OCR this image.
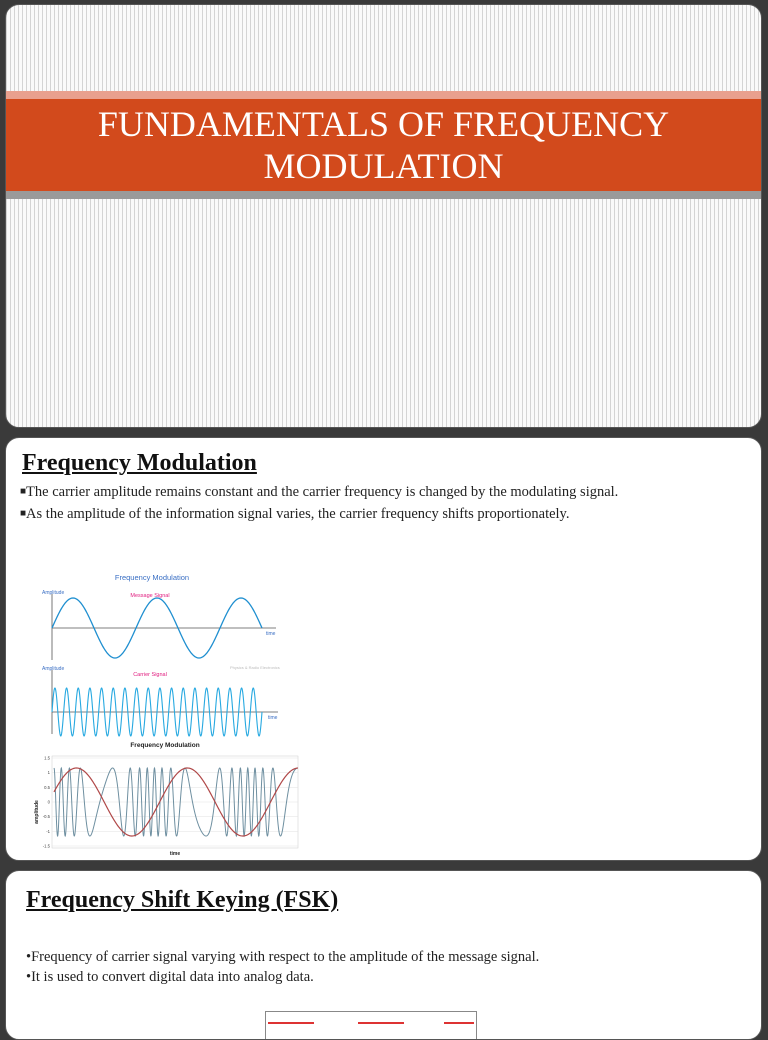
FUNDAMENTALS OF FREQUENCY
MODULATION
Frequency Modulation
■The carrier amplitude remains constant and the carrier frequency is changed by the modulating signal.
■As the amplitude of the information signal varies, the carrier frequency shifts proportionately.
Frequency Modulation
Amplitude	Message Signal
time
Amplitude
Carrier Signal
Physics & Radio Electronics
time
Frequency Modulation
1.5
1
0.5
0
-0.5
-1
-1.5
amplitude
time
Frequency Shift Keying (FSK)
•Frequency of carrier signal varying with respect to the amplitude of the message signal.
•It is used to convert digital data into analog data.
